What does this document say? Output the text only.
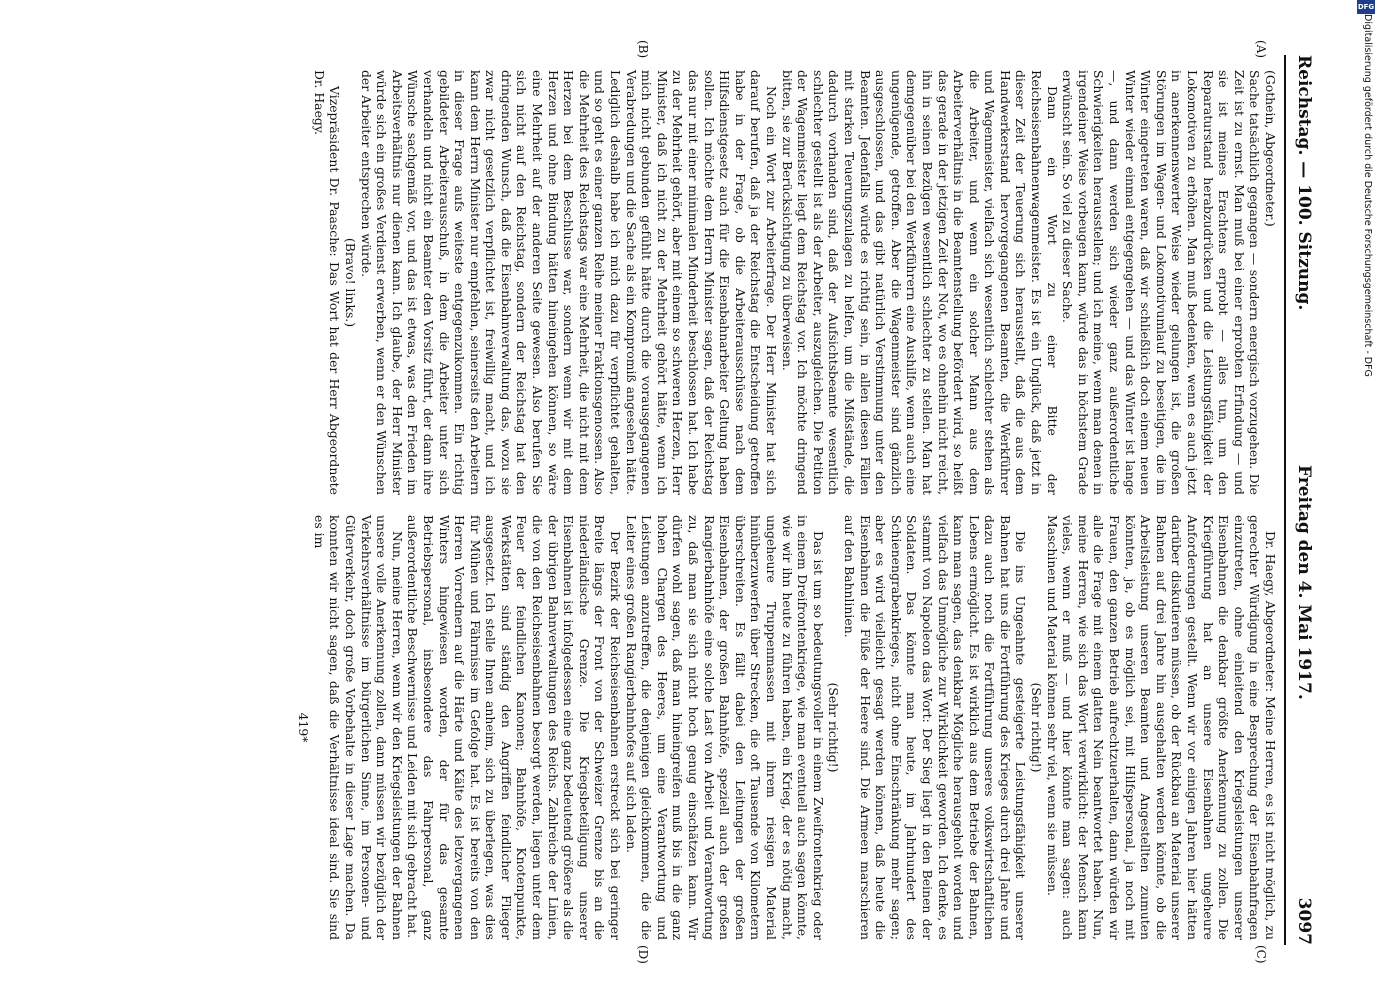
Reichstag. — 100. Sitzung.
Freitag den 4. Mai 1917.
3097
(A)
(B)
(C)
(D)

(Gothein, Abgeordneter.)

Sache tatsächlich gegangen — sondern energisch vorzugehen. Die Zeit ist zu ernst. Man muß bei einer erprobten Erfindung — und sie ist meines Erachtens erprobt — alles tun, um den Reparaturstand herabzudrücken und die Leistungsfähigkeit der Lokomotiven zu erhöhen. Man muß bedenken, wenn es auch jetzt in anerkennenswerter Weise wieder gelungen ist, die großen Störungen im Wagen- und Lokomotivumlauf zu beseitigen, die im Winter eingetreten waren, daß wir schließlich doch einem neuen Winter wieder einmal entgegengehen — und das Winter ist lange —, und dann werden sich wieder ganz außerordentliche Schwierigkeiten herausstellen; und ich meine, wenn man denen in irgendeiner Weise vorbeugen kann, würde das in höchstem Grade erwünscht sein. So viel zu dieser Sache.

Dann ein Wort zu einer Bitte der Reichseisenbahnenwagenmeister. Es ist ein Unglück, daß jetzt in dieser Zeit der Teuerung sich herausstellt, daß die aus dem Handwerkerstand hervorgegangenen Beamten, die Werkführer und Wagenmeister, vielfach sich wesentlich schlechter stehen als die Arbeiter, und wenn ein solcher Mann aus dem Arbeiterverhältnis in die Beamtenstellung befördert wird, so heißt das gerade in der jetzigen Zeit der Not, wo es ohnehin nicht reicht, ihn in seinen Bezügen wesentlich schlechter zu stellen. Man hat demgegenüber bei den Werkführern eine Aushilfe, wenn auch eine ungenügende, getroffen. Aber die Wagenmeister sind gänzlich ausgeschlossen, und das gibt natürlich Verstimmung unter den Beamten. Jedenfalls würde es richtig sein, in allen diesen Fällen mit starken Teuerungszulagen zu helfen, um die Mißstände, die dadurch vorhanden sind, daß der Aufsichtsbeamte wesentlich schlechter gestellt ist als der Arbeiter, auszugleichen. Die Petition der Wagenmeister liegt dem Reichstag vor. Ich möchte dringend bitten, sie zur Berücksichtigung zu überweisen.

Noch ein Wort zur Arbeiterfrage. Der Herr Minister hat sich darauf berufen, daß ja der Reichstag die Entscheidung getroffen habe in der Frage, ob die Arbeiterausschüsse nach dem Hilfsdienstgesetz auch für die Eisenbahnarbeiter Geltung haben sollen. Ich möchte dem Herrn Minister sagen, daß der Reichstag das nur mit einer minimalen Minderheit beschlossen hat. Ich habe zu der Mehrheit gehört, aber mit einem so schweren Herzen, Herr Minister, daß ich nicht zu der Mehrheit gehört hätte, wenn ich mich nicht gebunden gefühlt hätte durch die vorausgegangenen Verabredungen und die Sache als ein Kompromiß angesehen hätte. Lediglich deshalb habe ich mich dazu für verpflichtet gehalten, und so geht es einer ganzen Reihe meiner Fraktionsgenossen. Also die Mehrheit des Reichstags war eine Mehrheit, die nicht mit dem Herzen bei dem Beschlusse war, sondern wenn wir mit dem Herzen und ohne Bindung hätten hineingehen können, so wäre eine Mehrheit auf der anderen Seite gewesen. Also berufen Sie sich nicht auf den Reichstag, sondern der Reichstag hat den dringenden Wunsch, daß die Eisenbahnverwaltung das, wozu sie zwar nicht gesetzlich verpflichtet ist, freiwillig macht, und ich kann dem Herrn Minister nur empfehlen, seinerseits den Arbeitern in dieser Frage aufs weiteste entgegenzukommen. Ein richtig gebildeter Arbeiterausschuß, in dem die Arbeiter unter sich verhandeln und nicht ein Beamter den Vorsitz führt, der dann ihre Wünsche sachgemäß vor, und das ist etwas, was den Frieden im Arbeitsverhältnis nur dienen kann. Ich glaube, der Herr Minister würde sich ein großes Verdienst erwerben, wenn er den Wünschen der Arbeiter entsprechen würde.

(Bravo! links.)

Vizepräsident Dr. Paasche: Das Wort hat der Herr Abgeordnete Dr. Haegy.

Dr. Haegy, Abgeordneter: Meine Herren, es ist nicht möglich, zu gerechter Würdigung in eine Besprechung der Eisenbahnfragen einzutreten, ohne einleitend den Kriegsleistungen unserer Eisenbahnen die denkbar größte Anerkennung zu zollen. Die Kriegführung hat an unsere Eisenbahnen ungeheure Anforderungen gestellt. Wenn wir vor einigen Jahren hier hätten darüber diskutieren müssen, ob der Rückbau an Material unserer Bahnen auf drei Jahre hin ausgehalten werden könnte, ob die Arbeitsleistung unseren Beamten und Angestellten zumuten könnten, ja, ob es möglich sei, mit Hilfspersonal, ja noch mit Frauen, den ganzen Betrieb aufrechtzuerhalten, dann würden wir alle die Frage mit einem glatten Nein beantwortet haben. Nun, meine Herren, wie sich das Wort verwirklicht: der Mensch kann vieles, wenn er muß — und hier könnte man sagen: auch Maschinen und Material können sehr viel, wenn sie müssen.

(Sehr richtig!)

Die ins Ungeahnte gesteigerte Leistungsfähigkeit unserer Bahnen hat uns die Fortführung des Krieges durch drei Jahre und dazu auch noch die Fortführung unseres volkswirtschaftlichen Lebens ermöglicht. Es ist wirklich aus dem Betriebe der Bahnen, kann man sagen, das denkbar Mögliche herausgeholt worden und vielfach das Unmögliche zur Wirklichkeit geworden. Ich denke, es stammt von Napoleon das Wort: Der Sieg liegt in den Beinen der Soldaten. Das könnte man heute, im Jahrhundert des Schienengrabenkrieges, nicht ohne Einschränkung mehr sagen; aber es wird vielleicht gesagt werden können, daß heute die Eisenbahnen die Füße der Heere sind. Die Armeen marschieren auf den Bahnlinien.

(Sehr richtig!)

Das ist um so bedeutungsvoller in einem Zweifrontenkrieg oder in einem Dreifrontenkriege, wie man eventuell auch sagen könnte, wie wir ihn heute zu führen haben, ein Krieg, der es nötig macht, ungeheure Truppenmassen mit ihrem riesigen Material hinüberzuwerfen über Strecken, die oft Tausende von Kilometern überschreiten. Es fällt dabei den Leitungen der großen Eisenbahnen, der großen Bahnhöfe, speziell auch der großen Rangierbahnhöfe eine solche Last von Arbeit und Verantwortung zu, daß man sie sich nicht hoch genug einschätzen kann. Wir dürfen wohl sagen, daß man hineingreifen muß bis in die ganz hohen Chargen des Heeres, um eine Verantwortung und Leistungen anzutreffen, die denjenigen gleichkommen, die die Leiter eines großen Rangierbahnhofes auf sich laden.

Der Bezirk der Reichseisenbahnen erstreckt sich bei geringer Breite längs der Front von der Schweizer Grenze bis an die niederländische Grenze. Die Kriegsbeteiligung unserer Eisenbahnen ist infolgedessen eine ganz bedeutend größere als die der übrigen Bahnverwaltungen des Reichs. Zahlreiche der Linien, die von den Reichseisenbahnen besorgt werden, liegen unter dem Feuer der feindlichen Kanonen; Bahnhöfe, Knotenpunkte, Werkstätten sind ständig den Angriffen feindlicher Flieger ausgesetzt. Ich stelle Ihnen anheim, sich zu überlegen, was dies für Mühen und Fährnisse im Gefolge hat. Es ist bereits von den Herren Vorrednern auf die Härte und Kälte des letzvergangenen Winters hingewiesen worden, der für das gesamte Betriebspersonal, insbesondere das Fahrpersonal, ganz außerordentliche Beschwernisse und Leiden mit sich gebracht hat.

Nun, meine Herren, wenn wir den Kriegsleistungen der Bahnen unsere volle Anerkennung zollen, dann müssen wir bezüglich der Verkehrsverhältnisse im bürgerlichen Sinne, im Personen- und Güterverkehr, doch große Vorbehalte in dieser Lage machen. Da konnten wir nicht sagen, daß die Verhältnisse ideal sind. Sie sind es im

419*

DFG
Digitalisierung gefördert durch die Deutsche Forschungsgemeinschaft - DFG
